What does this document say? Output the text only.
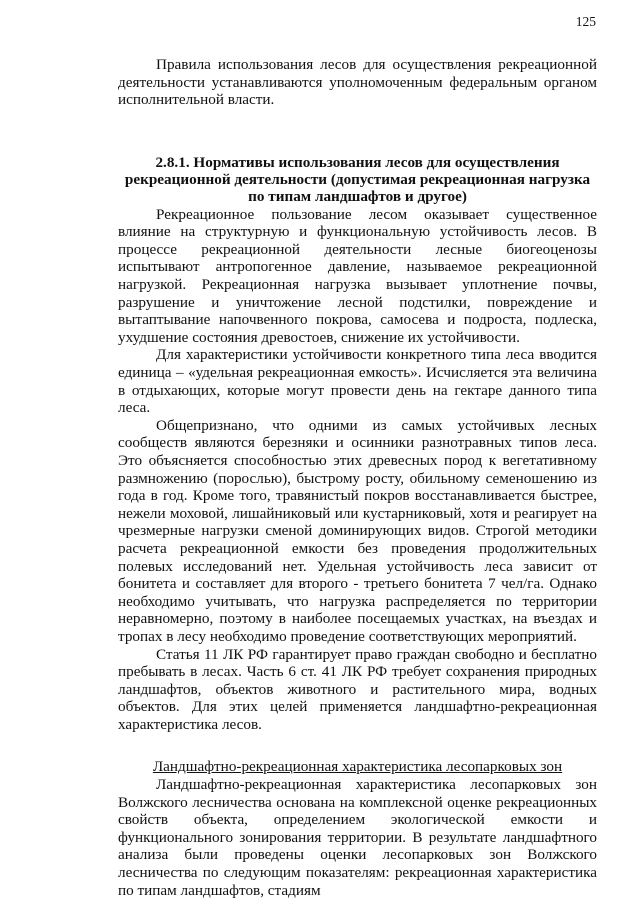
125

Правила использования лесов для осуществления рекреационной деятельности устанавливаются уполномоченным федеральным органом исполнительной власти.

2.8.1. Нормативы использования лесов для осуществления рекреационной деятельности (допустимая рекреационная нагрузка по типам ландшафтов и другое)

Рекреационное пользование лесом оказывает существенное влияние на структурную и функциональную устойчивость лесов. В процессе рекреационной деятельности лесные биогеоценозы испытывают антропогенное давление, называемое рекреационной нагрузкой. Рекреационная нагрузка вызывает уплотнение почвы, разрушение и уничтожение лесной подстилки, повреждение и вытаптывание напочвенного покрова, самосева и подроста, подлеска, ухудшение состояния древостоев, снижение их устойчивости.

Для характеристики устойчивости конкретного типа леса вводится единица – «удельная рекреационная емкость». Исчисляется эта величина в отдыхающих, которые могут провести день на гектаре данного типа леса.

Общепризнано, что одними из самых устойчивых лесных сообществ являются березняки и осинники разнотравных типов леса. Это объясняется способностью этих древесных пород к вегетативному размножению (порослью), быстрому росту, обильному семеношению из года в год. Кроме того, травянистый покров восстанавливается быстрее, нежели моховой, лишайниковый или кустарниковый, хотя и реагирует на чрезмерные нагрузки сменой доминирующих видов. Строгой методики расчета рекреационной емкости без проведения продолжительных полевых исследований нет. Удельная устойчивость леса зависит от бонитета и составляет для второго - третьего бонитета 7 чел/га. Однако необходимо учитывать, что нагрузка распределяется по территории неравномерно, поэтому в наиболее посещаемых участках, на въездах и тропах в лесу необходимо проведение соответствующих мероприятий.

Статья 11 ЛК РФ гарантирует право граждан свободно и бесплатно пребывать в лесах. Часть 6 ст. 41 ЛК РФ требует сохранения природных ландшафтов, объектов животного и растительного мира, водных объектов. Для этих целей применяется ландшафтно-рекреационная характеристика лесов.

Ландшафтно-рекреационная характеристика лесопарковых зон

Ландшафтно-рекреационная характеристика лесопарковых зон Волжского лесничества основана на комплексной оценке рекреационных свойств объекта, определением экологической емкости и функционального зонирования территории. В результате ландшафтного анализа были проведены оценки лесопарковых зон Волжского лесничества по следующим показателям: рекреационная характеристика по типам ландшафтов, стадиям
